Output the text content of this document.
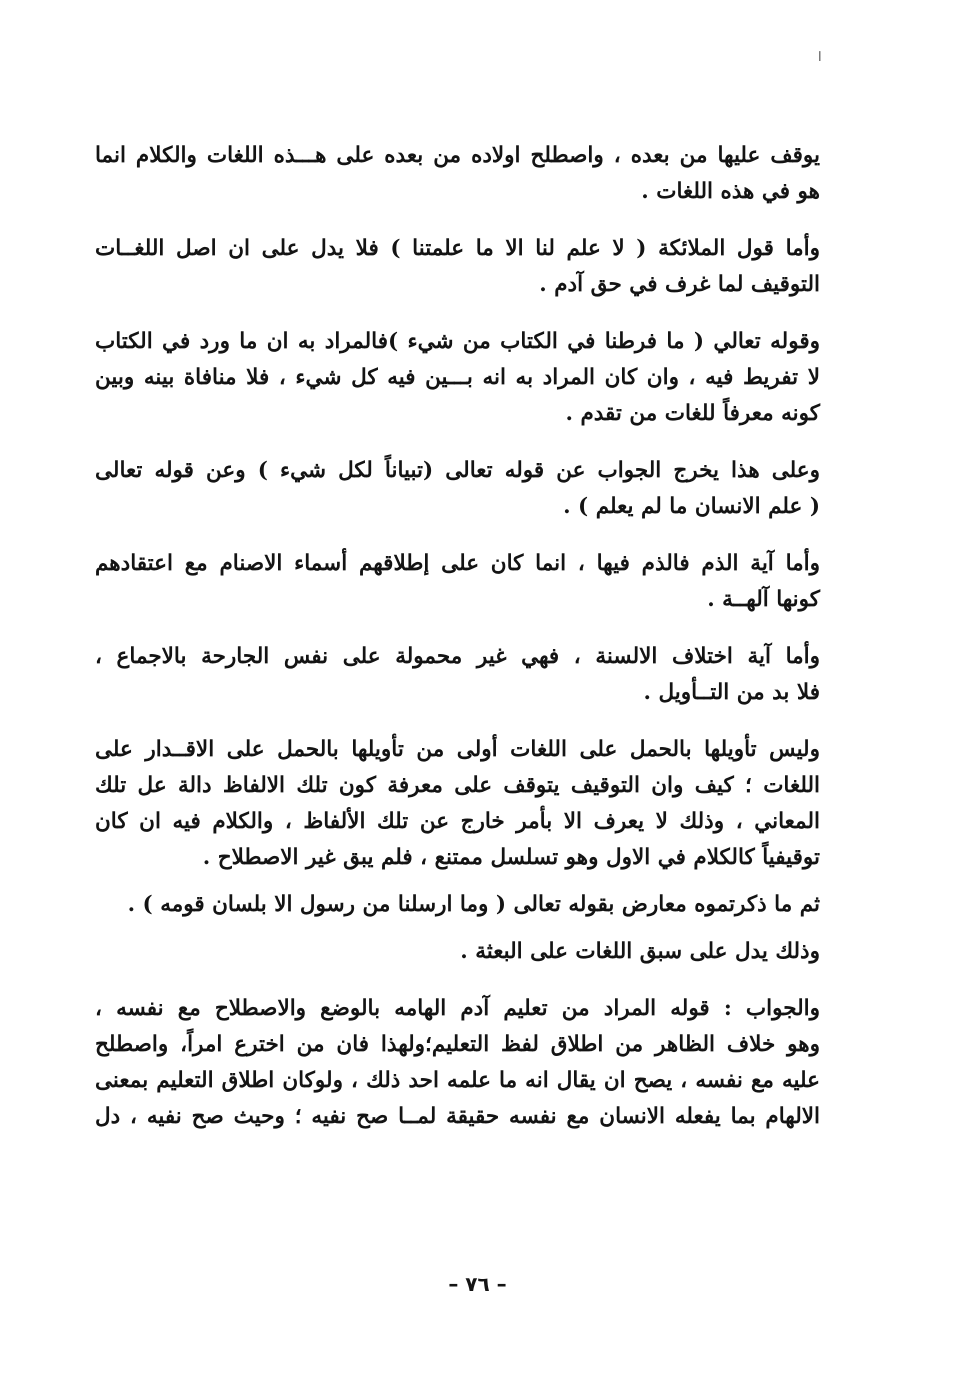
ا
يوقف عليها من بعده ، واصطلح اولاده من بعده على هـــذه اللغات والكلام انما
هو في هذه اللغات .
وأما قول الملائكة ( لا علم لنا الا ما علمتنا ) فلا يدل على ان اصل اللغــات
التوقيف لما غرف في حق آدم .
وقوله تعالي ( ما فرطنا في الكتاب من شيء )فالمراد به ان ما ورد في الكتاب
لا تفريط فيه ، وان كان المراد به انه بـــين فيه كل شيء ، فلا منافاة بينه وبين
كونه معرفاً للغات من تقدم .
وعلى هذا يخرج الجواب عن قوله تعالى (تبياناً لكل شيء ) وعن قوله تعالى
( علم الانسان ما لم يعلم ) .
وأما آية الذم فالذم فيها ، انما كان على إطلاقهم أسماء الاصنام مع اعتقادهم
كونها آلهــة .
وأما آية اختلاف الالسنة ، فهي غير محمولة على نفس الجارحة بالاجماع ،
فلا بد من التــأويل .
وليس تأويلها بالحمل على اللغات أولى من تأويلها بالحمل على الاقــدار على
اللغات ؛ كيف وان التوقيف يتوقف على معرفة كون تلك الالفاظ دالة عل تلك
المعاني ، وذلك لا يعرف الا بأمر خارج عن تلك الألفاظ ، والكلام فيه ان كان
توقيفياً كالكلام في الاول وهو تسلسل ممتنع ، فلم يبق غير الاصطلاح .
ثم ما ذكرتموه معارض بقوله تعالى ( وما ارسلنا من رسول الا بلسان قومه ) .
وذلك يدل على سبق اللغات على البعثة .
والجواب : قوله المراد من تعليم آدم الهامه بالوضع والاصطلاح مع نفسه ،
وهو خلاف الظاهر من اطلاق لفظ التعليم؛ولهذا فان من اخترع امراً، واصطلح
عليه مع نفسه ، يصح ان يقال انه ما علمه احد ذلك ، ولوكان اطلاق التعليم بمعنى
الالهام بما يفعله الانسان مع نفسه حقيقة لمــا صح نفيه ؛ وحيث صح نفيه ، دل
– ٧٦ –
